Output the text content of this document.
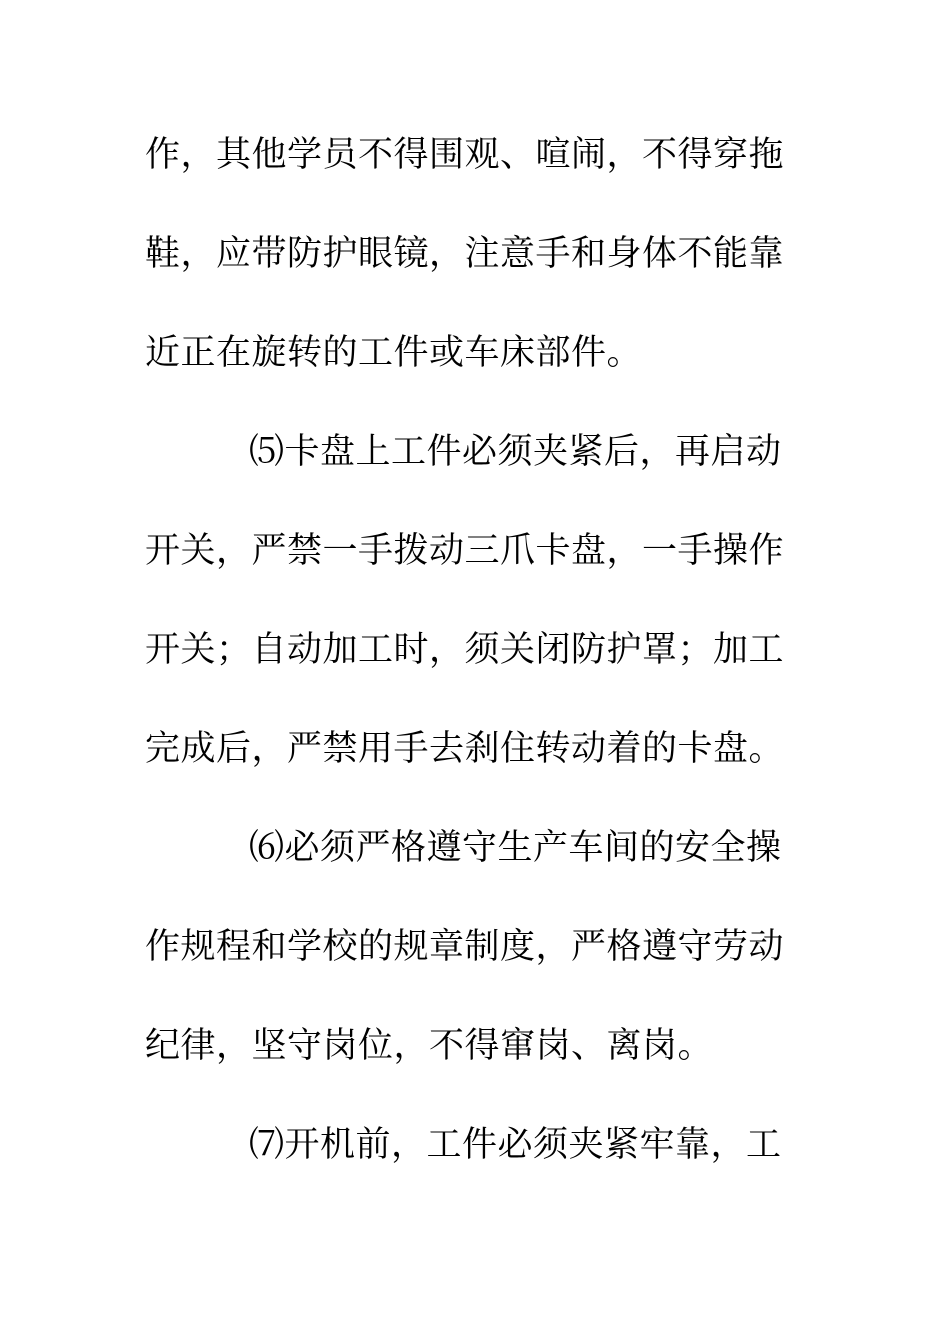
作，其他学员不得围观、喧闹，不得穿拖
鞋，应带防护眼镜，注意手和身体不能靠
近正在旋转的工件或车床部件。
⑸卡盘上工件必须夹紧后，再启动
开关，严禁一手拨动三爪卡盘，一手操作
开关；自动加工时，须关闭防护罩；加工
完成后，严禁用手去刹住转动着的卡盘。
⑹必须严格遵守生产车间的安全操
作规程和学校的规章制度，严格遵守劳动
纪律，坚守岗位，不得窜岗、离岗。
⑺开机前，工件必须夹紧牢靠，工
